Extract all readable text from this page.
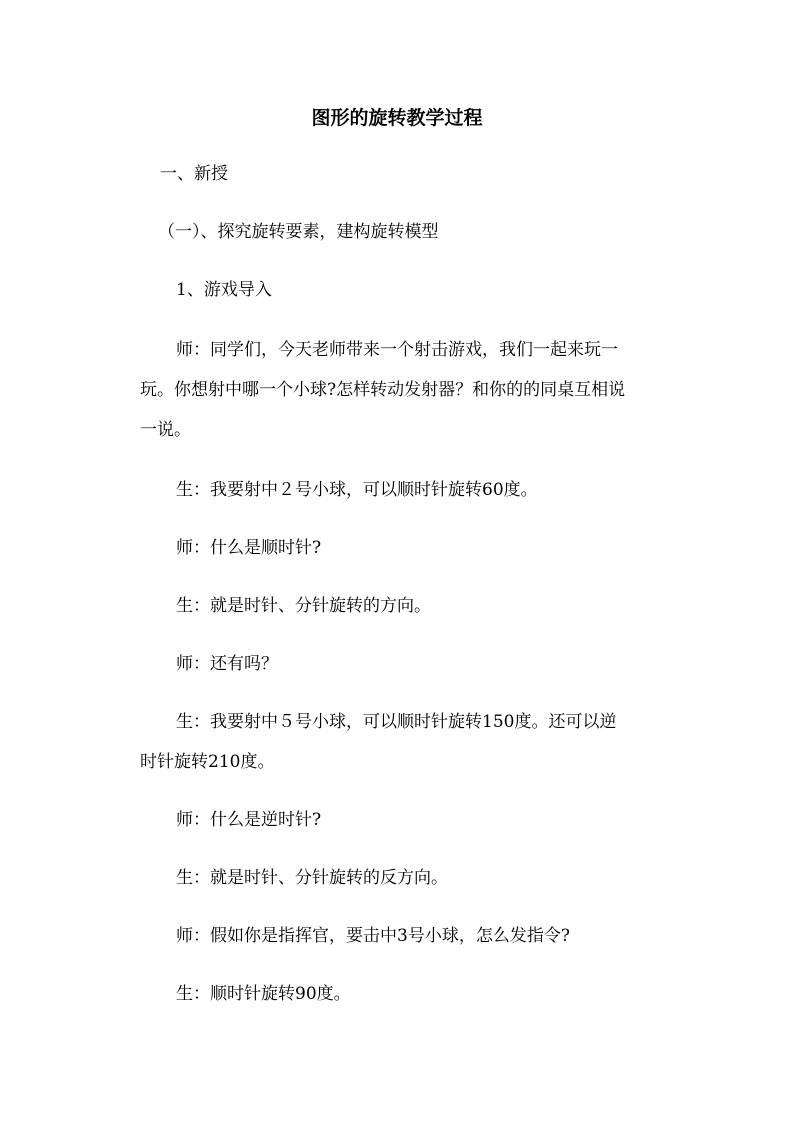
图形的旋转教学过程
一、新授
（一）、探究旋转要素，建构旋转模型
1、游戏导入
师：同学们，今天老师带来一个射击游戏，我们一起来玩一
玩。你想射中哪一个小球?怎样转动发射器？和你的的同桌互相说
一说。
生：我要射中２号小球，可以顺时针旋转60度。
师：什么是顺时针?
生：就是时针、分针旋转的方向。
师：还有吗？
生：我要射中５号小球，可以顺时针旋转150度。还可以逆
时针旋转210度。
师：什么是逆时针?
生：就是时针、分针旋转的反方向。
师：假如你是指挥官，要击中3号小球，怎么发指令?
生：顺时针旋转90度。
